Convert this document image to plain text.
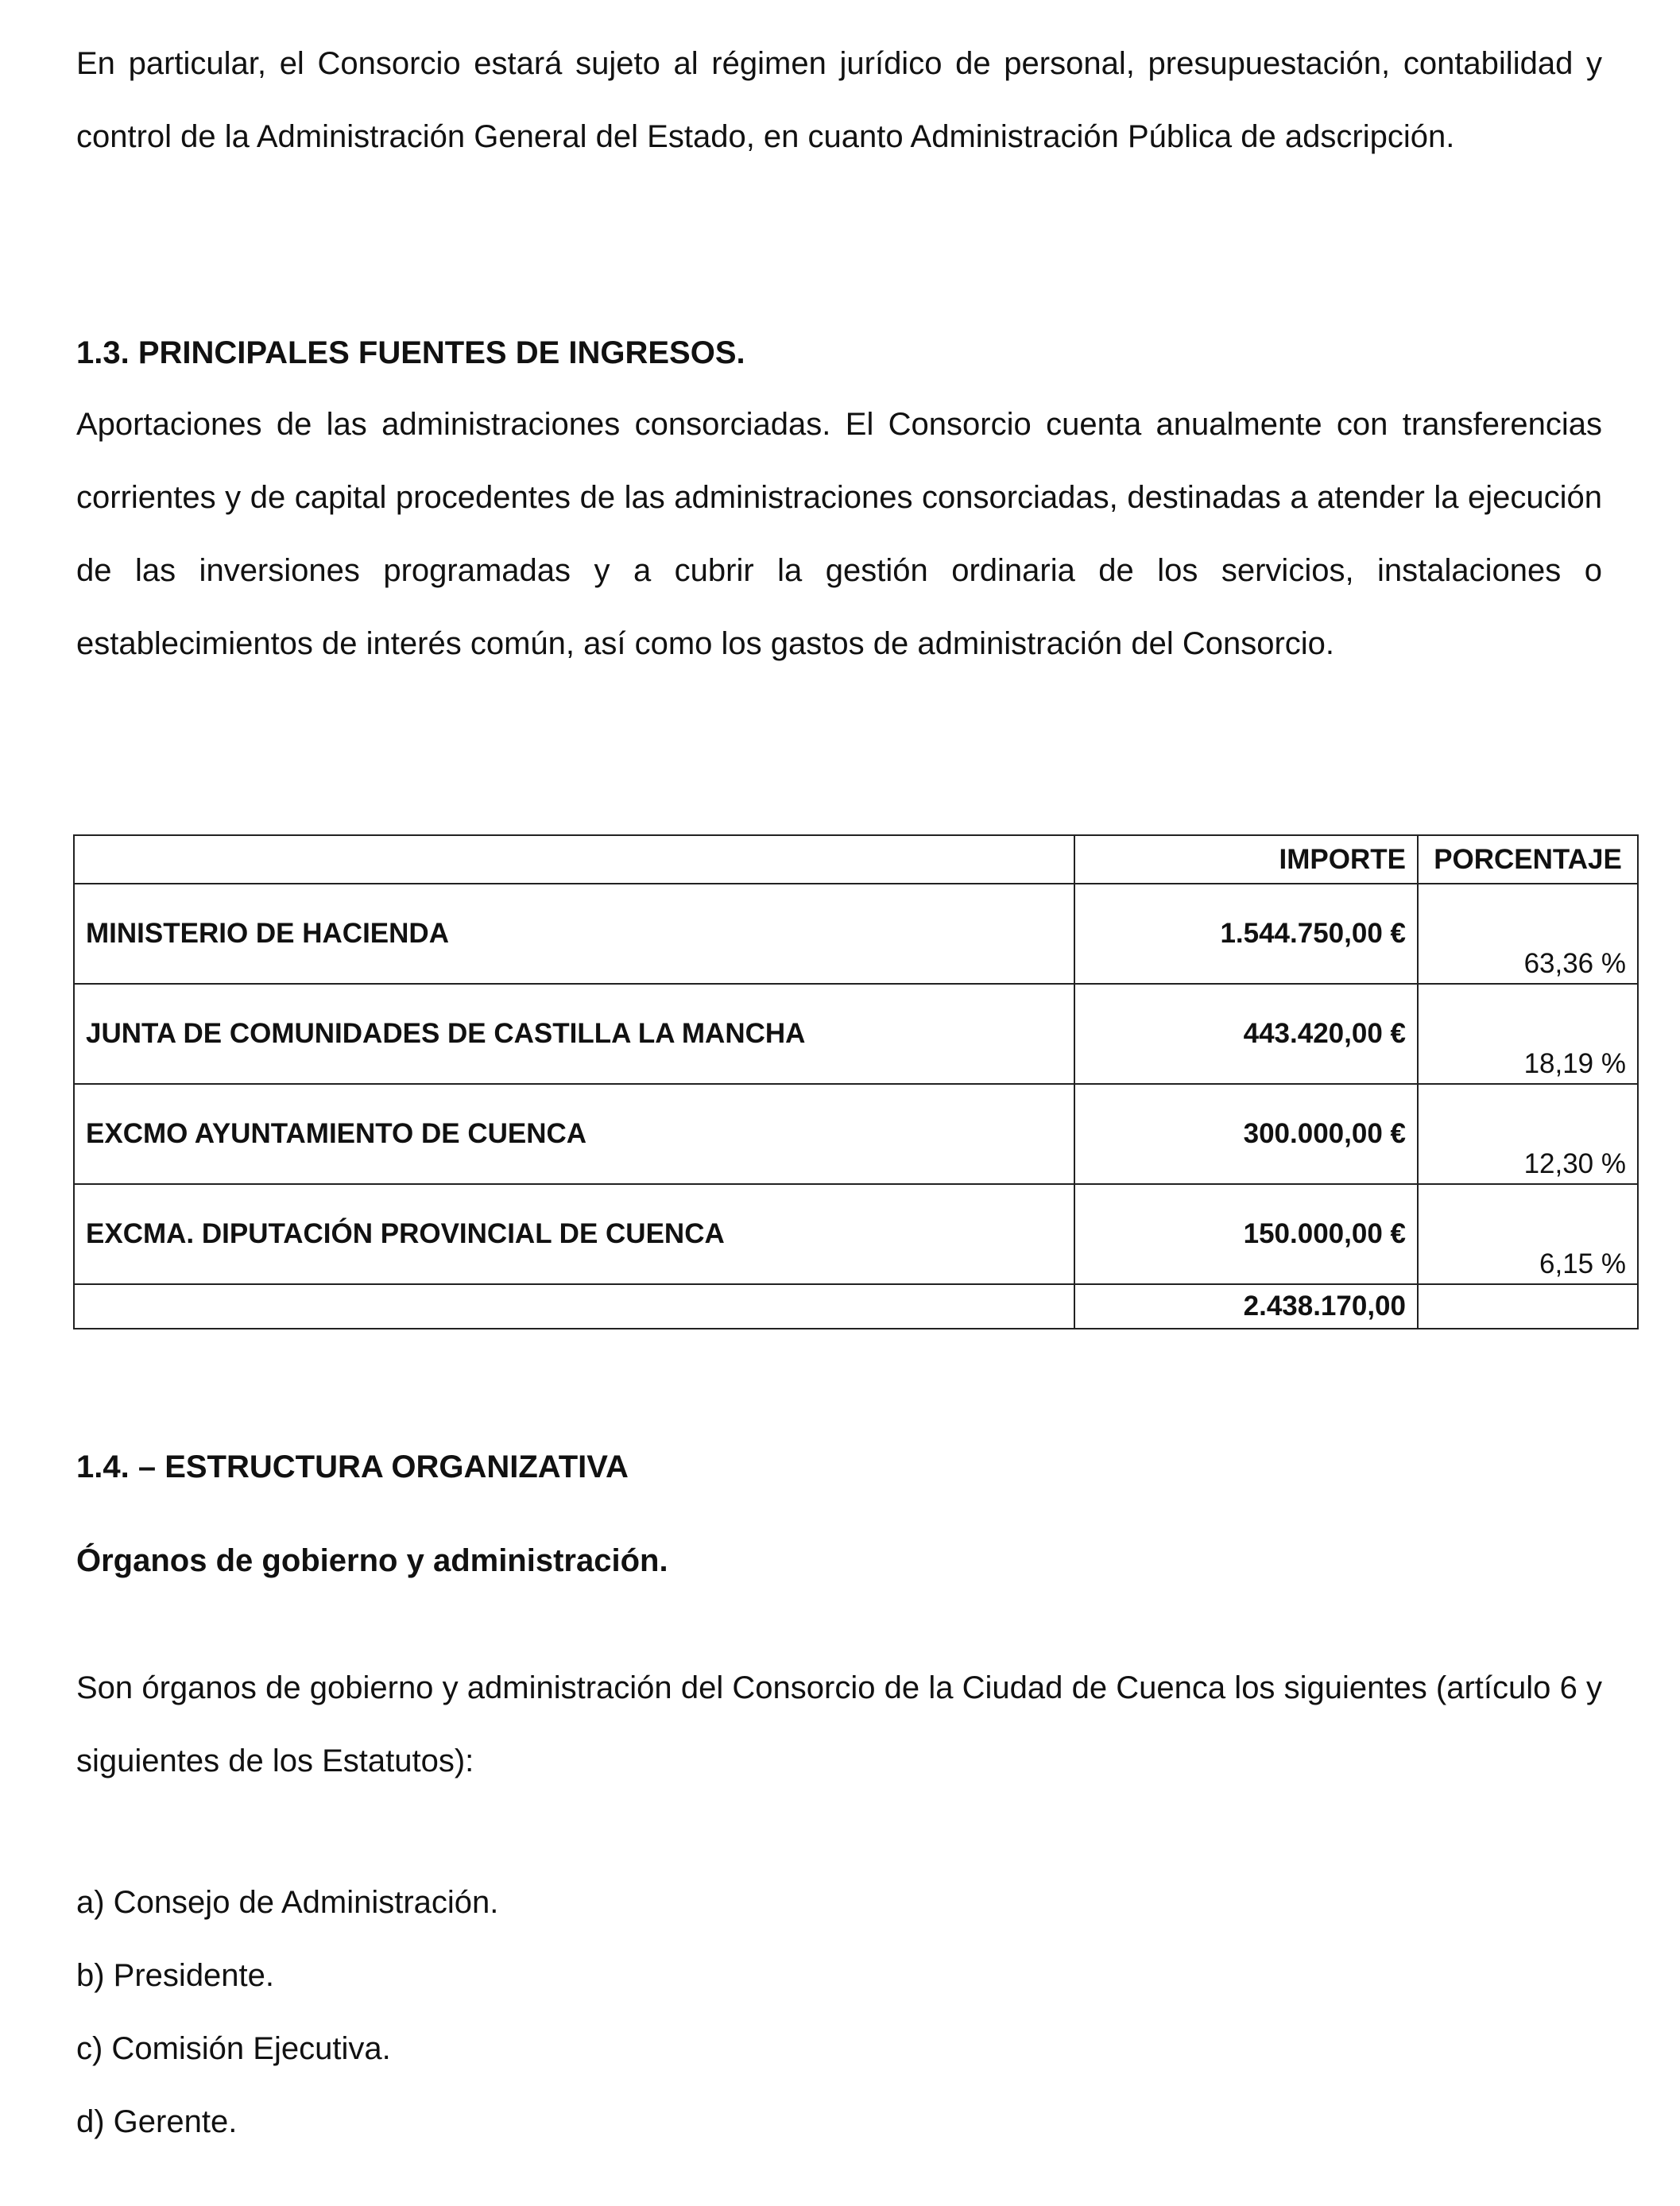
En particular, el Consorcio estará sujeto al régimen jurídico de personal, presupuestación, contabilidad y control de la Administración General del Estado, en cuanto Administración Pública de adscripción.

1.3. PRINCIPALES FUENTES DE INGRESOS.

Aportaciones de las administraciones consorciadas. El Consorcio cuenta anualmente con transferencias corrientes y de capital procedentes de las administraciones consorciadas, destinadas a atender la ejecución de las inversiones programadas y a cubrir la gestión ordinaria de los servicios, instalaciones o establecimientos de interés común, así como los gastos de administración del Consorcio.

	IMPORTE	PORCENTAJE
MINISTERIO DE HACIENDA	1.544.750,00 €	63,36 %
JUNTA DE COMUNIDADES DE CASTILLA LA MANCHA	443.420,00 €	18,19 %
EXCMO AYUNTAMIENTO DE CUENCA	300.000,00 €	12,30 %
EXCMA. DIPUTACIÓN PROVINCIAL DE CUENCA	150.000,00 €	6,15 %
	2.438.170,00	
1.4. – ESTRUCTURA ORGANIZATIVA
Órganos de gobierno y administración.

Son órganos de gobierno y administración del Consorcio de la Ciudad de Cuenca los siguientes (artículo 6 y siguientes de los Estatutos):

a) Consejo de Administración.

b) Presidente.

c) Comisión Ejecutiva.

d) Gerente.
